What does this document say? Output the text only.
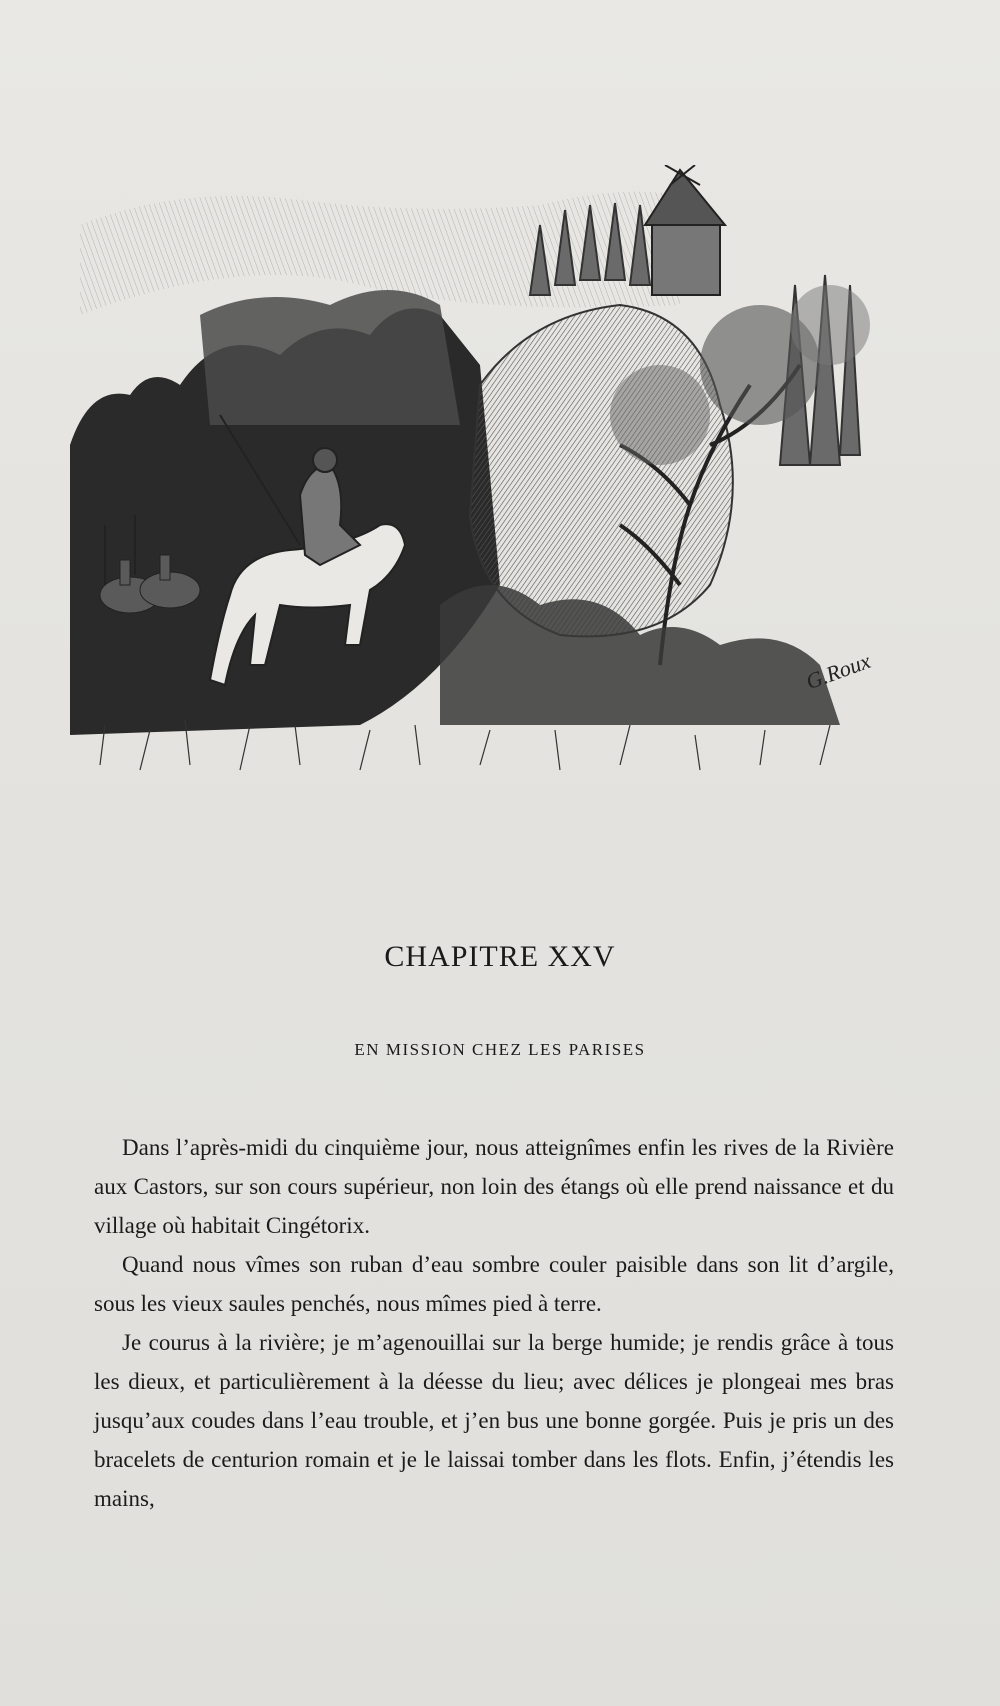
G.Roux
CHAPITRE XXV
EN MISSION CHEZ LES PARISES

Dans l’après-midi du cinquième jour, nous atteignîmes enfin les rives de la Rivière aux Castors, sur son cours supérieur, non loin des étangs où elle prend naissance et du village où habitait Cingétorix.

Quand nous vîmes son ruban d’eau sombre couler paisible dans son lit d’argile, sous les vieux saules penchés, nous mîmes pied à terre.

Je courus à la rivière; je m’agenouillai sur la berge humide; je rendis grâce à tous les dieux, et particulièrement à la déesse du lieu; avec délices je plongeai mes bras jusqu’aux coudes dans l’eau trouble, et j’en bus une bonne gorgée. Puis je pris un des bracelets de centurion romain et je le laissai tomber dans les flots. Enfin, j’étendis les mains,
